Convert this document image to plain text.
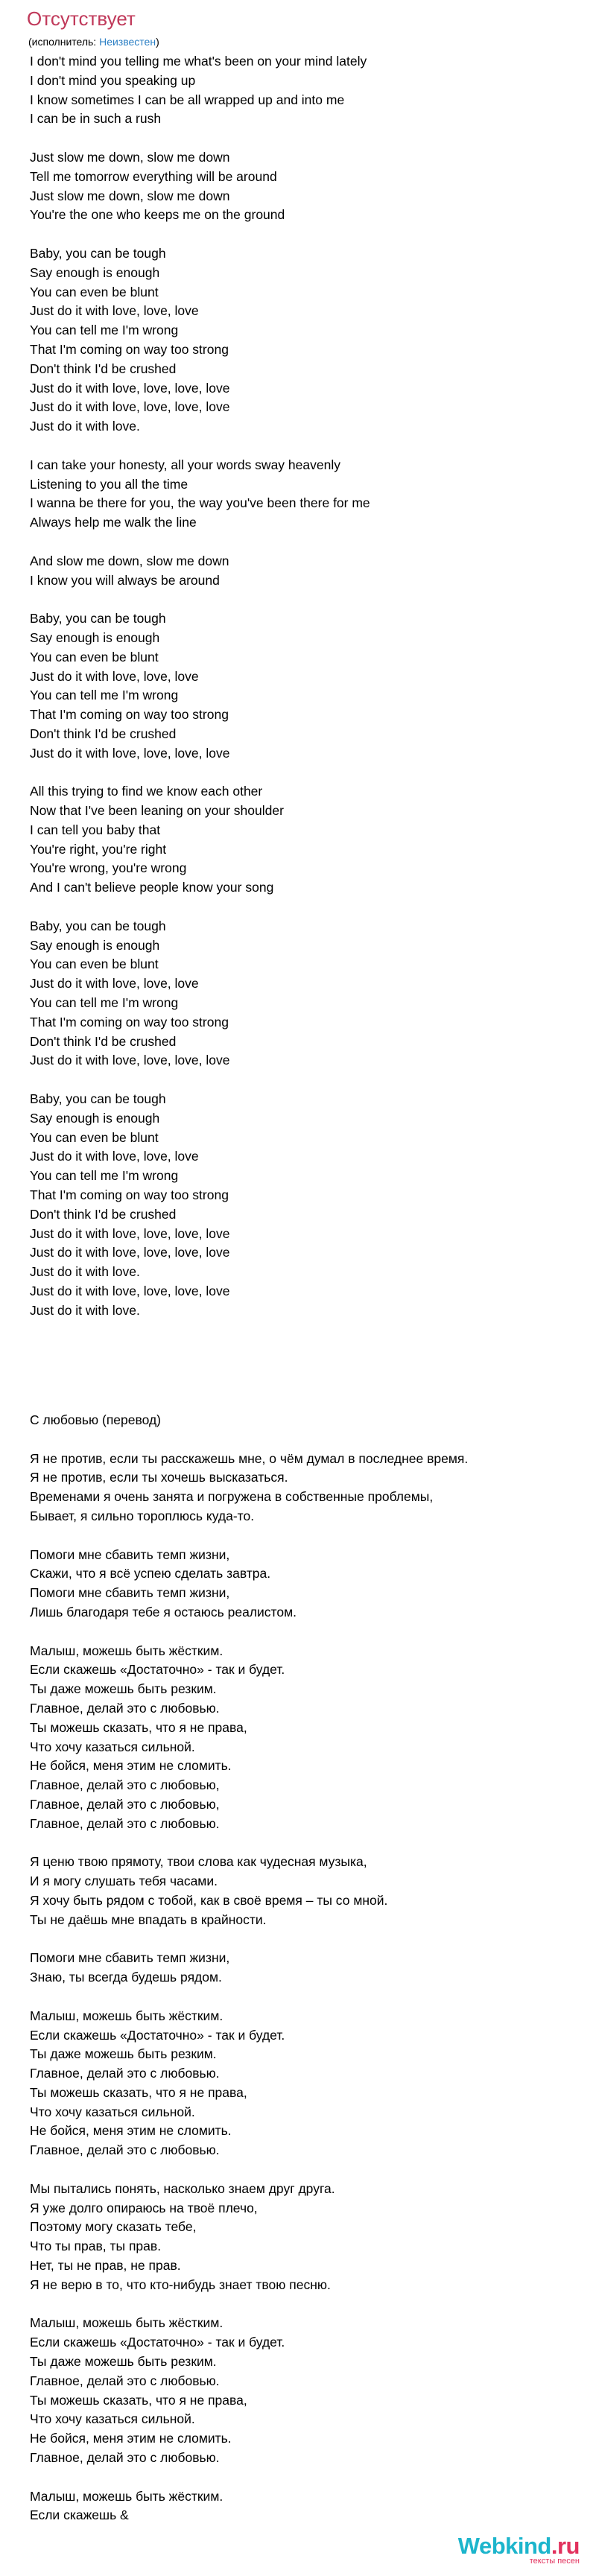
Отсутствует
(исполнитель: Неизвестен)
I don't mind you telling me what's been on your mind lately
I don't mind you speaking up
I know sometimes I can be all wrapped up and into me
I can be in such a rush
Just slow me down, slow me down
Tell me tomorrow everything will be around
Just slow me down, slow me down
You're the one who keeps me on the ground
Baby, you can be tough
Say enough is enough
You can even be blunt
Just do it with love, love, love
You can tell me I'm wrong
That I'm coming on way too strong
Don't think I'd be crushed
Just do it with love, love, love, love
Just do it with love, love, love, love
Just do it with love.
I can take your honesty, all your words sway heavenly
Listening to you all the time
I wanna be there for you, the way you've been there for me
Always help me walk the line
And slow me down, slow me down
I know you will always be around
Baby, you can be tough
Say enough is enough
You can even be blunt
Just do it with love, love, love
You can tell me I'm wrong
That I'm coming on way too strong
Don't think I'd be crushed
Just do it with love, love, love, love
All this trying to find we know each other
Now that I've been leaning on your shoulder
I can tell you baby that
You're right, you're right
You're wrong, you're wrong
And I can't believe people know your song
Baby, you can be tough
Say enough is enough
You can even be blunt
Just do it with love, love, love
You can tell me I'm wrong
That I'm coming on way too strong
Don't think I'd be crushed
Just do it with love, love, love, love
Baby, you can be tough
Say enough is enough
You can even be blunt
Just do it with love, love, love
You can tell me I'm wrong
That I'm coming on way too strong
Don't think I'd be crushed
Just do it with love, love, love, love
Just do it with love, love, love, love
Just do it with love.
Just do it with love, love, love, love
Just do it with love.
С любовью (перевод)
Я не против, если ты расскажешь мне, о чём думал в последнее время.
Я не против, если ты хочешь высказаться.
Временами я очень занята и погружена в собственные проблемы,
Бывает, я сильно тороплюсь куда-то.
Помоги мне сбавить темп жизни,
Скажи, что я всё успею сделать завтра.
Помоги мне сбавить темп жизни,
Лишь благодаря тебе я остаюсь реалистом.
Малыш, можешь быть жёстким.
Если скажешь «Достаточно» - так и будет.
Ты даже можешь быть резким.
Главное, делай это с любовью.
Ты можешь сказать, что я не права,
Что хочу казаться сильной.
Не бойся, меня этим не сломить.
Главное, делай это с любовью,
Главное, делай это с любовью,
Главное, делай это с любовью.
Я ценю твою прямоту, твои слова как чудесная музыка,
И я могу слушать тебя часами.
Я хочу быть рядом с тобой, как в своё время – ты со мной.
Ты не даёшь мне впадать в крайности.
Помоги мне сбавить темп жизни,
Знаю, ты всегда будешь рядом.
Малыш, можешь быть жёстким.
Если скажешь «Достаточно» - так и будет.
Ты даже можешь быть резким.
Главное, делай это с любовью.
Ты можешь сказать, что я не права,
Что хочу казаться сильной.
Не бойся, меня этим не сломить.
Главное, делай это с любовью.
Мы пытались понять, насколько знаем друг друга.
Я уже долго опираюсь на твоё плечо,
Поэтому могу сказать тебе,
Что ты прав, ты прав.
Нет, ты не прав, не прав.
Я не верю в то, что кто-нибудь знает твою песню.
Малыш, можешь быть жёстким.
Если скажешь «Достаточно» - так и будет.
Ты даже можешь быть резким.
Главное, делай это с любовью.
Ты можешь сказать, что я не права,
Что хочу казаться сильной.
Не бойся, меня этим не сломить.
Главное, делай это с любовью.
Малыш, можешь быть жёстким.
Если скажешь &
Webkind.ru
тексты песен
